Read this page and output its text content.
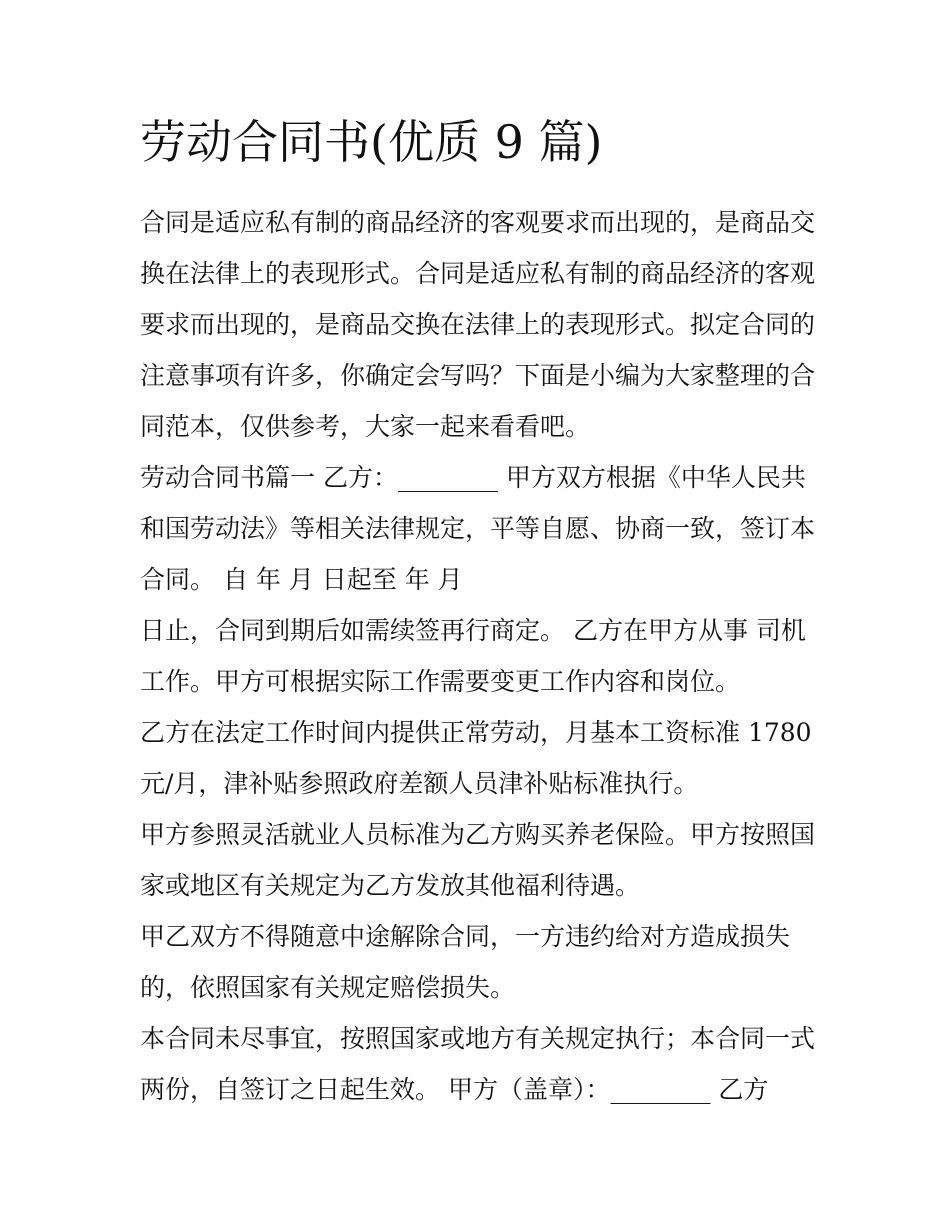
劳动合同书(优质 9 篇)
合同是适应私有制的商品经济的客观要求而出现的，是商品交
换在法律上的表现形式。合同是适应私有制的商品经济的客观
要求而出现的，是商品交换在法律上的表现形式。拟定合同的
注意事项有许多，你确定会写吗？下面是小编为大家整理的合
同范本，仅供参考，大家一起来看看吧。
劳动合同书篇一 乙方：________ 甲方双方根据《中华人民共
和国劳动法》等相关法律规定，平等自愿、协商一致，签订本
合同。 自 年 月 日起至 年 月
日止，合同到期后如需续签再行商定。 乙方在甲方从事 司机
工作。甲方可根据实际工作需要变更工作内容和岗位。
乙方在法定工作时间内提供正常劳动，月基本工资标准 1780
元/月，津补贴参照政府差额人员津补贴标准执行。
甲方参照灵活就业人员标准为乙方购买养老保险。甲方按照国
家或地区有关规定为乙方发放其他福利待遇。
甲乙双方不得随意中途解除合同，一方违约给对方造成损失
的，依照国家有关规定赔偿损失。
本合同未尽事宜，按照国家或地方有关规定执行；本合同一式
两份，自签订之日起生效。 甲方（盖章）：________ 乙方
